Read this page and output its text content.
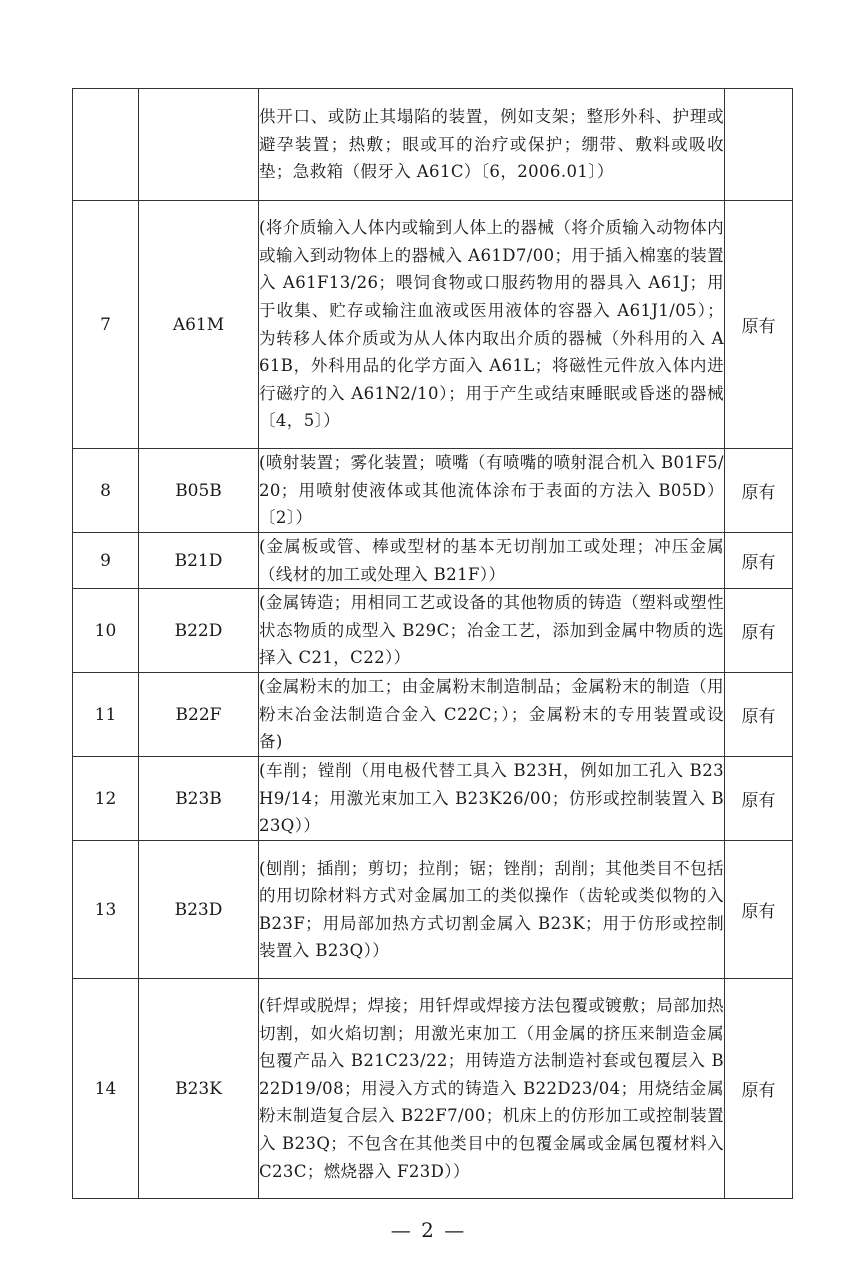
		供开口、或防止其塌陷的装置，例如支架；整形外科、护理或避孕装置；热敷；眼或耳的治疗或保护；绷带、敷料或吸收垫；急救箱（假牙入 A61C）〔6，2006.01〕）	
7	A61M	(将介质输入人体内或输到人体上的器械（将介质输入动物体内或输入到动物体上的器械入 A61D7/00；用于插入棉塞的装置入 A61F13/26；喂饲食物或口服药物用的器具入 A61J；用于收集、贮存或输注血液或医用液体的容器入 A61J1/05）；为转移人体介质或为从人体内取出介质的器械（外科用的入 A61B，外科用品的化学方面入 A61L；将磁性元件放入体内进行磁疗的入 A61N2/10）；用于产生或结束睡眠或昏迷的器械〔4，5〕）	原有
8	B05B	(喷射装置；雾化装置；喷嘴（有喷嘴的喷射混合机入 B01F5/20；用喷射使液体或其他流体涂布于表面的方法入 B05D）〔2〕）	原有
9	B21D	(金属板或管、棒或型材的基本无切削加工或处理；冲压金属（线材的加工或处理入 B21F））	原有
10	B22D	(金属铸造；用相同工艺或设备的其他物质的铸造（塑料或塑性状态物质的成型入 B29C；冶金工艺，添加到金属中物质的选择入 C21，C22））	原有
11	B22F	(金属粉末的加工；由金属粉末制造制品；金属粉末的制造（用粉末冶金法制造合金入 C22C；）；金属粉末的专用装置或设备)	原有
12	B23B	(车削；镗削（用电极代替工具入 B23H，例如加工孔入 B23H9/14；用激光束加工入 B23K26/00；仿形或控制装置入 B23Q））	原有
13	B23D	(刨削；插削；剪切；拉削；锯；锉削；刮削；其他类目不包括的用切除材料方式对金属加工的类似操作（齿轮或类似物的入 B23F；用局部加热方式切割金属入 B23K；用于仿形或控制装置入 B23Q））	原有
14	B23K	(钎焊或脱焊；焊接；用钎焊或焊接方法包覆或镀敷；局部加热切割，如火焰切割；用激光束加工（用金属的挤压来制造金属包覆产品入 B21C23/22；用铸造方法制造衬套或包覆层入 B22D19/08；用浸入方式的铸造入 B22D23/04；用烧结金属粉末制造复合层入 B22F7/00；机床上的仿形加工或控制装置入 B23Q；不包含在其他类目中的包覆金属或金属包覆材料入 C23C；燃烧器入 F23D））	原有
— 2 —
